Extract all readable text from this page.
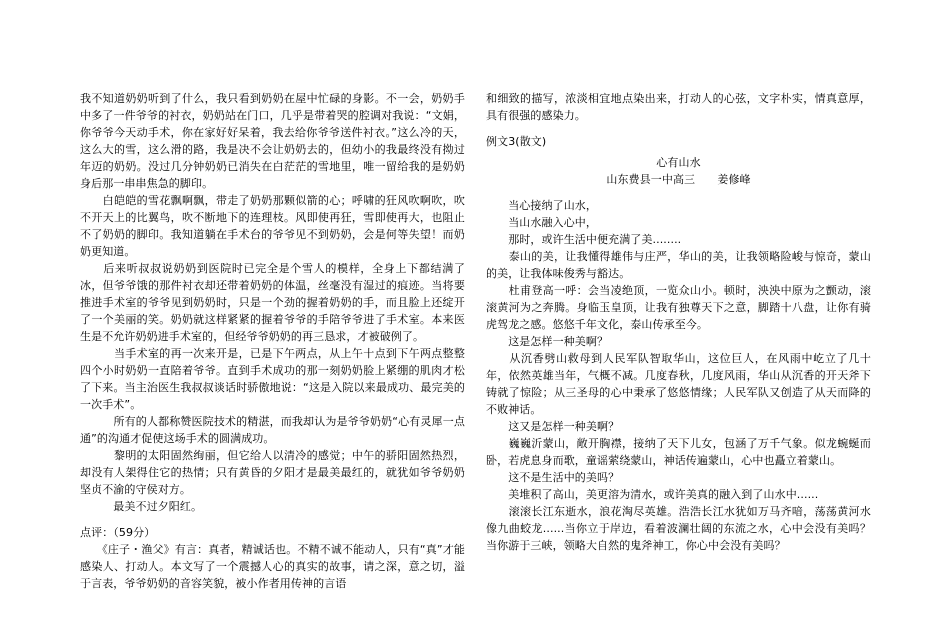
我不知道奶奶听到了什么，我只看到奶奶在屋中忙碌的身影。不一会，奶奶手中多了一件爷爷的衬衣，奶奶站在门口，几乎是带着哭的腔调对我说：“文娟，你爷爷今天动手术，你在家好好呆着，我去给你爷爷送件衬衣。”这么冷的天，这么大的雪，这么滑的路，我是决不会让奶奶去的，但幼小的我最终没有拗过年迈的奶奶。没过几分钟奶奶已消失在白茫茫的雪地里，唯一留给我的是奶奶身后那一串串焦急的脚印。

　　白皑皑的雪花飘啊飘，带走了奶奶那颗似箭的心；呼啸的狂风吹啊吹，吹不开天上的比翼鸟，吹不断地下的连理枝。风即使再狂，雪即使再大，也阻止不了奶奶的脚印。我知道躺在手术台的爷爷见不到奶奶，会是何等失望！而奶奶更知道。

　　后来听叔叔说奶奶到医院时已完全是个雪人的模样，全身上下都结满了冰，但爷爷饿的那件衬衣却还带着奶奶的体温，丝毫没有湿过的痕迹。当将要推进手术室的爷爷见到奶奶时，只是一个劲的握着奶奶的手，而且脸上还绽开了一个美丽的笑。奶奶就这样紧紧的握着爷爷的手陪爷爷进了手术室。本来医生是不允许奶奶进手术室的，但经爷爷奶奶的再三恳求，才被破例了。

　　　当手术室的再一次来开是，已是下午两点，从上午十点到下午两点整整四个小时奶奶一直陪着爷爷。直到手术成功的那一刻奶奶脸上紧绷的肌肉才松了下来。当主治医生我叔叔谈话时骄傲地说：“这是入院以来最成功、最完美的一次手术”。

　　　所有的人都称赞医院技术的精湛，而我却认为是爷爷奶奶“心有灵犀一点通”的沟通才促使这场手术的圆满成功。

　　　黎明的太阳固然绚丽，但它给人以清冷的感觉；中午的骄阳固然热烈，却没有人架得住它的热情；只有黄昏的夕阳才是最美最红的，就犹如爷爷奶奶坚贞不渝的守侯对方。

　　　最美不过夕阳红。

点评：（59分）

　　《庄子・渔父》有言：真者，精诚话也。不精不诚不能动人，只有“真”才能感染人、打动人。本文写了一个震撼人心的真实的故事，请之深，意之切，溢于言表，爷爷奶奶的音容笑貌，被小作者用传神的言语

和细致的描写，浓淡相宜地点染出来，打动人的心弦，文字朴实，情真意厚，具有很强的感染力。

例文3(散文)

心有山水

山东费县一中高三　　姜修峰

　　当心接纳了山水，

　　当山水融入心中，

　　那时，或许生活中便充满了美........

　　泰山的美，让我懂得雄伟与庄严，华山的美，让我领略险峻与惊奇，蒙山的美，让我体味俊秀与豁达。

　　杜甫登高一呼：会当凌绝顶，一览众山小。顿时，泱泱中原为之颤动，滚滚黄河为之奔腾。身临玉皇顶，让我有独尊天下之意，脚踏十八盘，让你有骑虎驾龙之感。悠悠千年文化，泰山传承至今。

　　这是怎样一种美啊？

　　从沉香劈山救母到人民军队智取华山，这位巨人，在风雨中屹立了几十年，依然英雄当年，气概不减。几度春秋，几度风雨，华山从沉香的开天斧下铸就了惊险；从三圣母的心中秉承了悠悠情缘；人民军队又创造了从天而降的不败神话。

　　这又是怎样一种美啊？

　　巍巍沂蒙山，敞开胸襟，接纳了天下儿女，包涵了万千气象。似龙蜿蜒而卧，若虎息身而歌，童谣萦绕蒙山，神话传遍蒙山，心中也矗立着蒙山。

　　这不是生活中的美吗？

　　美堆积了高山，美更溶为清水，或许美真的融入到了山水中......

　　滚滚长江东逝水，浪花淘尽英雄。浩浩长江水犹如万马齐喑，荡荡黄河水像九曲蛟龙......当你立于岸边，看着波澜壮阔的东流之水，心中会没有美吗？当你游于三峡，领略大自然的鬼斧神工，你心中会没有美吗？
